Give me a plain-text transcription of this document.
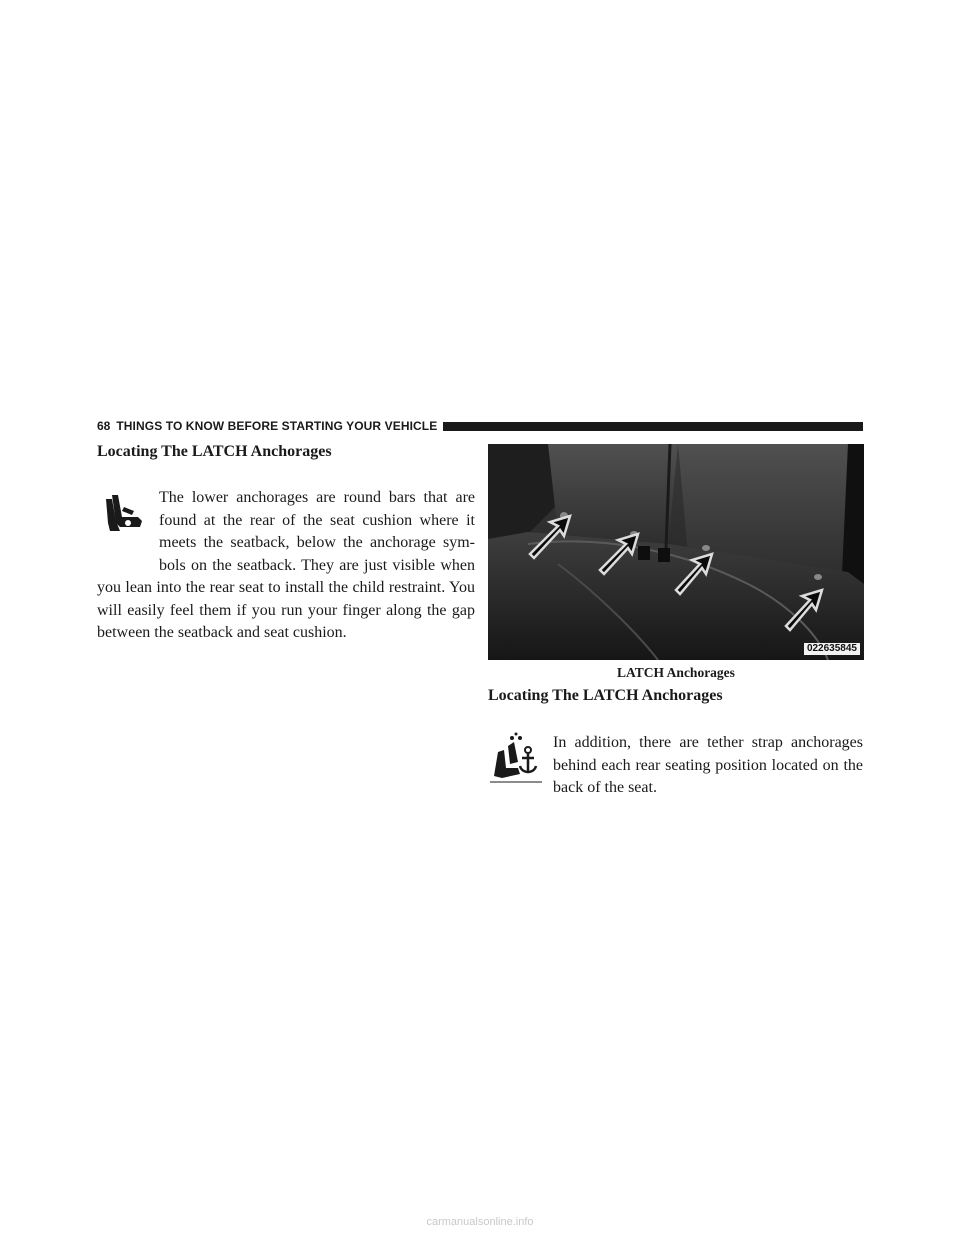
68 THINGS TO KNOW BEFORE STARTING YOUR VEHICLE
Locating The LATCH Anchorages
The lower anchorages are round bars that are found at the rear of the seat cushion where it meets the seatback, below the anchorage sym- bols on the seatback. They are just visible when you lean into the rear seat to install the child restraint. You will easily feel them if you run your finger along the gap between the seatback and seat cushion.
022635845
LATCH Anchorages
Locating The LATCH Anchorages
In addition, there are tether strap anchorages behind each rear seating position located on the back of the seat.
carmanualsonline.info
